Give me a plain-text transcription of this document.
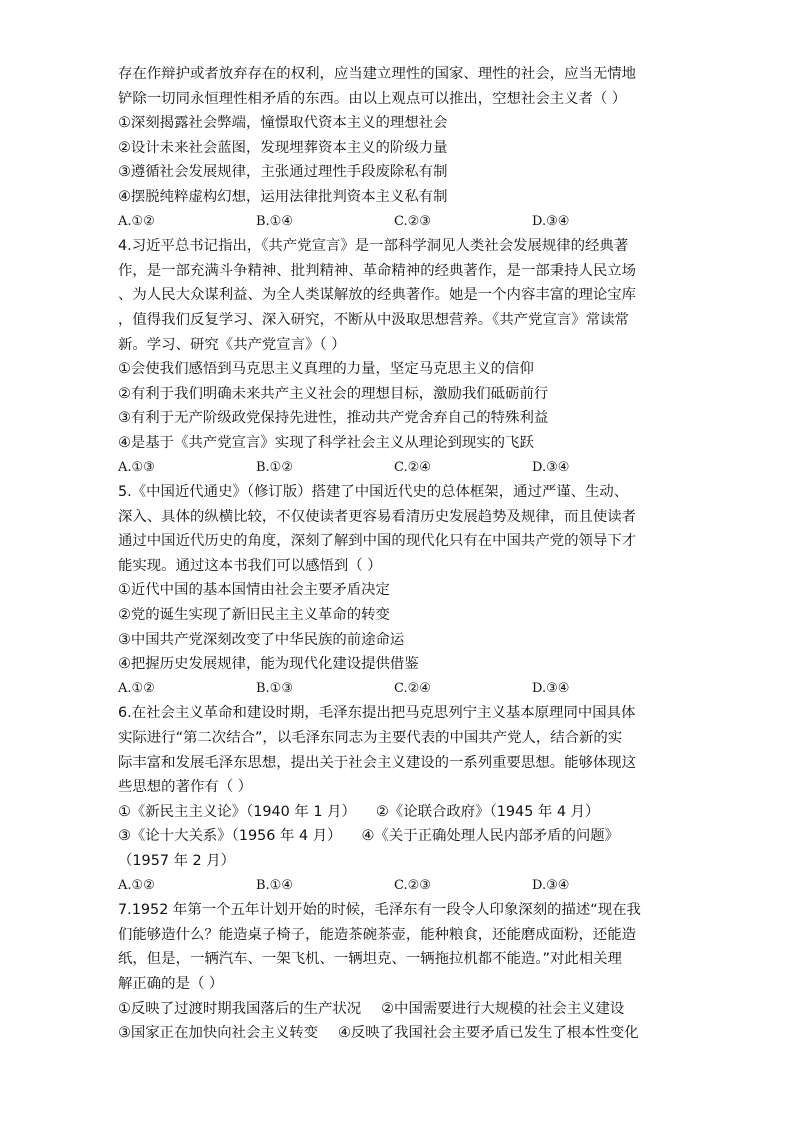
存在作辩护或者放弃存在的权利，应当建立理性的国家、理性的社会，应当无情地
铲除一切同永恒理性相矛盾的东西。由以上观点可以推出，空想社会主义者（ ）
①深刻揭露社会弊端，憧憬取代资本主义的理想社会
②设计未来社会蓝图，发现埋葬资本主义的阶级力量
③遵循社会发展规律，主张通过理性手段废除私有制
④摆脱纯粹虚构幻想，运用法律批判资本主义私有制
A.①②	B.①④	C.②③	D.③④
4.习近平总书记指出，《共产党宣言》是一部科学洞见人类社会发展规律的经典著
作，是一部充满斗争精神、批判精神、革命精神的经典著作，是一部秉持人民立场
、为人民大众谋利益、为全人类谋解放的经典著作。她是一个内容丰富的理论宝库
，值得我们反复学习、深入研究，不断从中汲取思想营养。《共产党宣言》常读常
新。学习、研究《共产党宣言》（ ）
①会使我们感悟到马克思主义真理的力量，坚定马克思主义的信仰
②有利于我们明确未来共产主义社会的理想目标，激励我们砥砺前行
③有利于无产阶级政党保持先进性，推动共产党舍弃自己的特殊利益
④是基于《共产党宣言》实现了科学社会主义从理论到现实的飞跃
A.①③	B.①②	C.②④	D.③④
5.《中国近代通史》（修订版）搭建了中国近代史的总体框架，通过严谨、生动、
深入、具体的纵横比较，不仅使读者更容易看清历史发展趋势及规律，而且使读者
通过中国近代历史的角度，深刻了解到中国的现代化只有在中国共产党的领导下才
能实现。通过这本书我们可以感悟到（ ）
①近代中国的基本国情由社会主要矛盾决定
②党的诞生实现了新旧民主主义革命的转变
③中国共产党深刻改变了中华民族的前途命运
④把握历史发展规律，能为现代化建设提供借鉴
A.①②	B.①③	C.②④	D.③④
6.在社会主义革命和建设时期，毛泽东提出把马克思列宁主义基本原理同中国具体
实际进行“第二次结合”，以毛泽东同志为主要代表的中国共产党人，结合新的实
际丰富和发展毛泽东思想，提出关于社会主义建设的一系列重要思想。能够体现这
些思想的著作有（ ）
①《新民主主义论》（1940 年 1 月） ②《论联合政府》（1945 年 4 月）
③《论十大关系》（1956 年 4 月） ④《关于正确处理人民内部矛盾的问题》
（1957 年 2 月）
A.①②	B.①④	C.②③	D.③④
7.1952 年第一个五年计划开始的时候，毛泽东有一段令人印象深刻的描述“现在我
们能够造什么？能造桌子椅子，能造茶碗茶壶，能种粮食，还能磨成面粉，还能造
纸，但是，一辆汽车、一架飞机、一辆坦克、一辆拖拉机都不能造。”对此相关理
解正确的是（ ）
①反映了过渡时期我国落后的生产状况 ②中国需要进行大规模的社会主义建设
③国家正在加快向社会主义转变 ④反映了我国社会主要矛盾已发生了根本性变化
